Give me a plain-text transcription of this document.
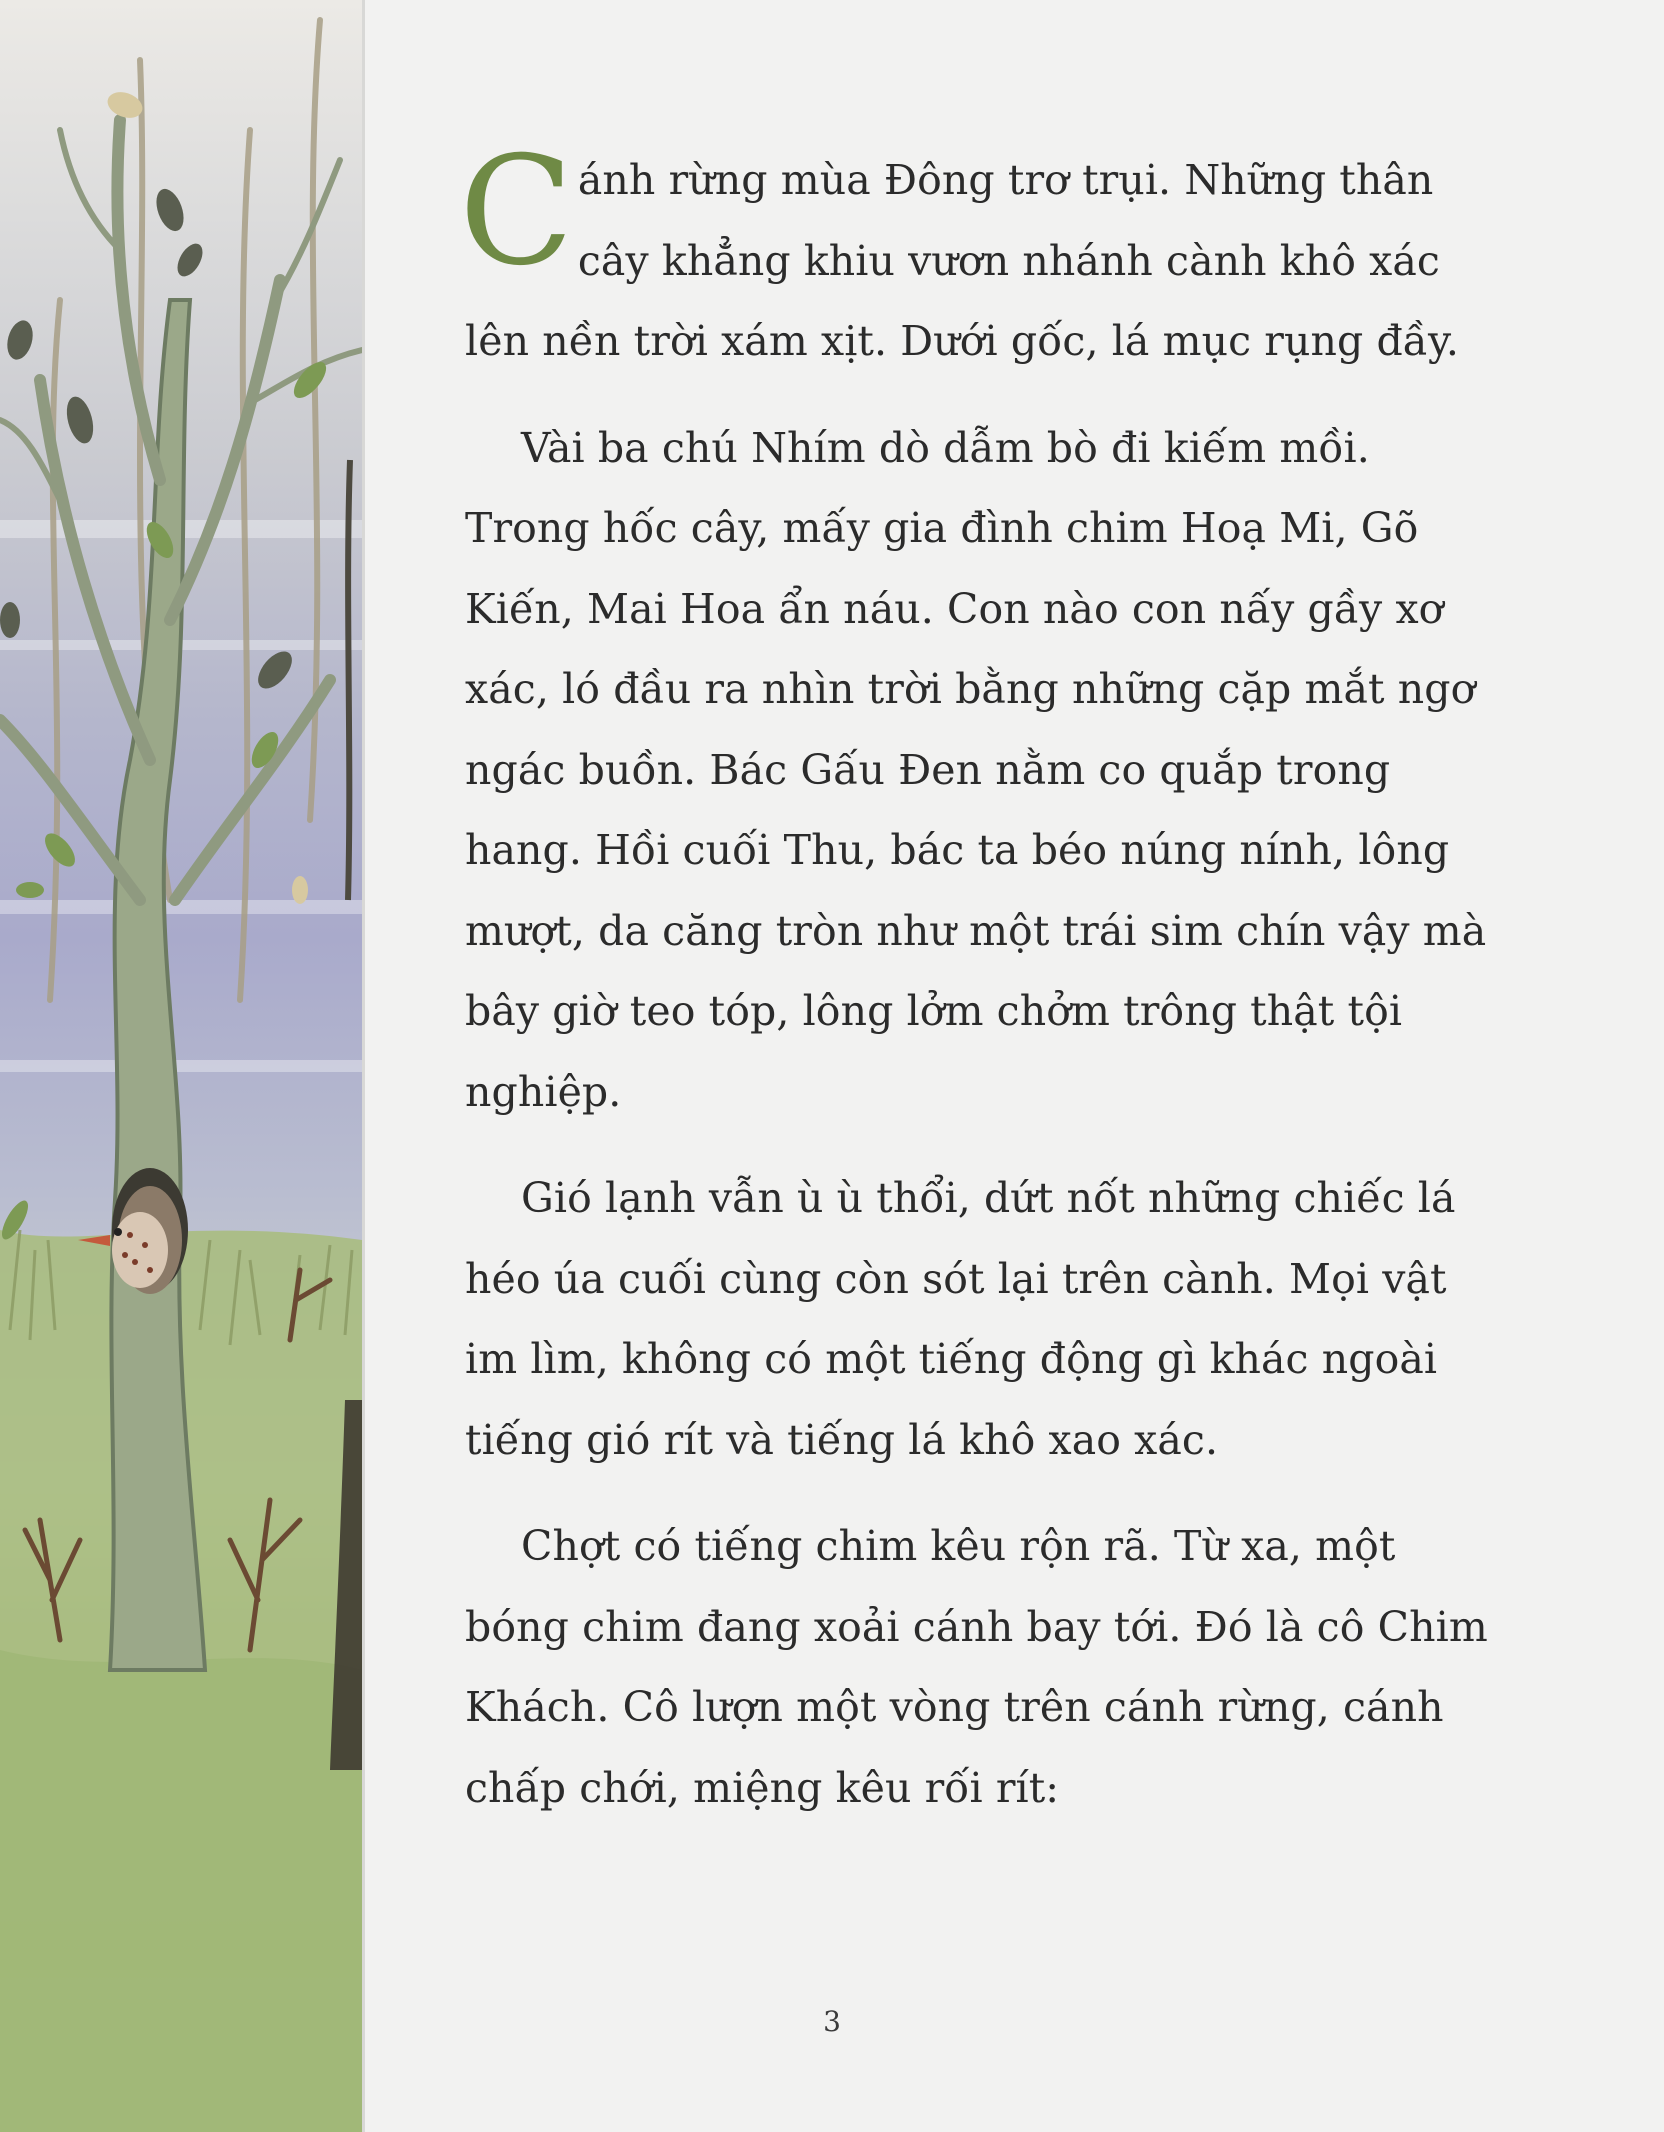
C ánh rừng mùa Đông trơ trụi. Những thân cây khẳng khiu vươn nhánh cành khô xác lên nền trời xám xịt. Dưới gốc, lá mục rụng đầy.

Vài ba chú Nhím dò dẫm bò đi kiếm mồi. Trong hốc cây, mấy gia đình chim Hoạ Mi, Gõ Kiến, Mai Hoa ẩn náu. Con nào con nấy gầy xơ xác, ló đầu ra nhìn trời bằng những cặp mắt ngơ ngác buồn. Bác Gấu Đen nằm co quắp trong hang. Hồi cuối Thu, bác ta béo núng nính, lông mượt, da căng tròn như một trái sim chín vậy mà bây giờ teo tóp, lông lởm chởm trông thật tội nghiệp.

Gió lạnh vẫn ù ù thổi, dứt nốt những chiếc lá héo úa cuối cùng còn sót lại trên cành. Mọi vật im lìm, không có một tiếng động gì khác ngoài tiếng gió rít và tiếng lá khô xao xác.

Chợt có tiếng chim kêu rộn rã. Từ xa, một bóng chim đang xoải cánh bay tới. Đó là cô Chim Khách. Cô lượn một vòng trên cánh rừng, cánh chấp chới, miệng kêu rối rít:

3
